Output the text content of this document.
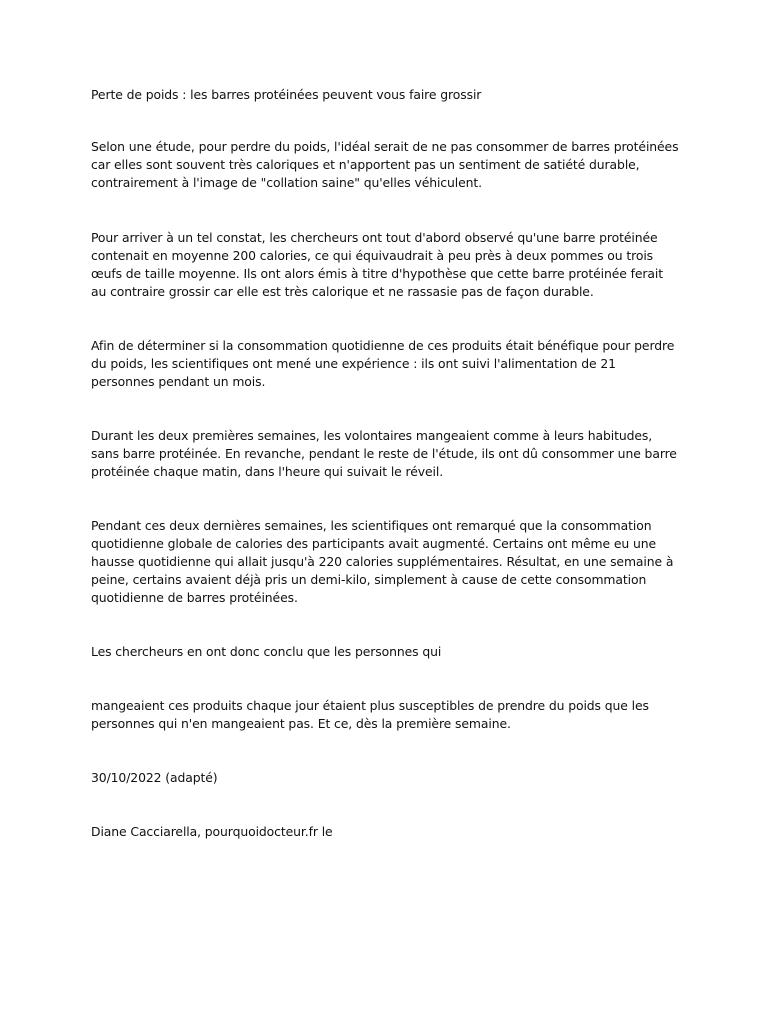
Perte de poids : les barres protéinées peuvent vous faire grossir

Selon une étude, pour perdre du poids, l'idéal serait de ne pas consommer de barres protéinées car elles sont souvent très caloriques et n'apportent pas un sentiment de satiété durable, contrairement à l'image de "collation saine" qu'elles véhiculent.

Pour arriver à un tel constat, les chercheurs ont tout d'abord observé qu'une barre protéinée contenait en moyenne 200 calories, ce qui équivaudrait à peu près à deux pommes ou trois œufs de taille moyenne. Ils ont alors émis à titre d'hypothèse que cette barre protéinée ferait au contraire grossir car elle est très calorique et ne rassasie pas de façon durable.

Afin de déterminer si la consommation quotidienne de ces produits était bénéfique pour perdre du poids, les scientifiques ont mené une expérience : ils ont suivi l'alimentation de 21 personnes pendant un mois.

Durant les deux premières semaines, les volontaires mangeaient comme à leurs habitudes, sans barre protéinée. En revanche, pendant le reste de l'étude, ils ont dû consommer une barre protéinée chaque matin, dans l'heure qui suivait le réveil.

Pendant ces deux dernières semaines, les scientifiques ont remarqué que la consommation quotidienne globale de calories des participants avait augmenté. Certains ont même eu une hausse quotidienne qui allait jusqu'à 220 calories supplémentaires. Résultat, en une semaine à peine, certains avaient déjà pris un demi-kilo, simplement à cause de cette consommation quotidienne de barres protéinées.

Les chercheurs en ont donc conclu que les personnes qui

mangeaient ces produits chaque jour étaient plus susceptibles de prendre du poids que les personnes qui n'en mangeaient pas. Et ce, dès la première semaine.

30/10/2022 (adapté)

Diane Cacciarella, pourquoidocteur.fr le
